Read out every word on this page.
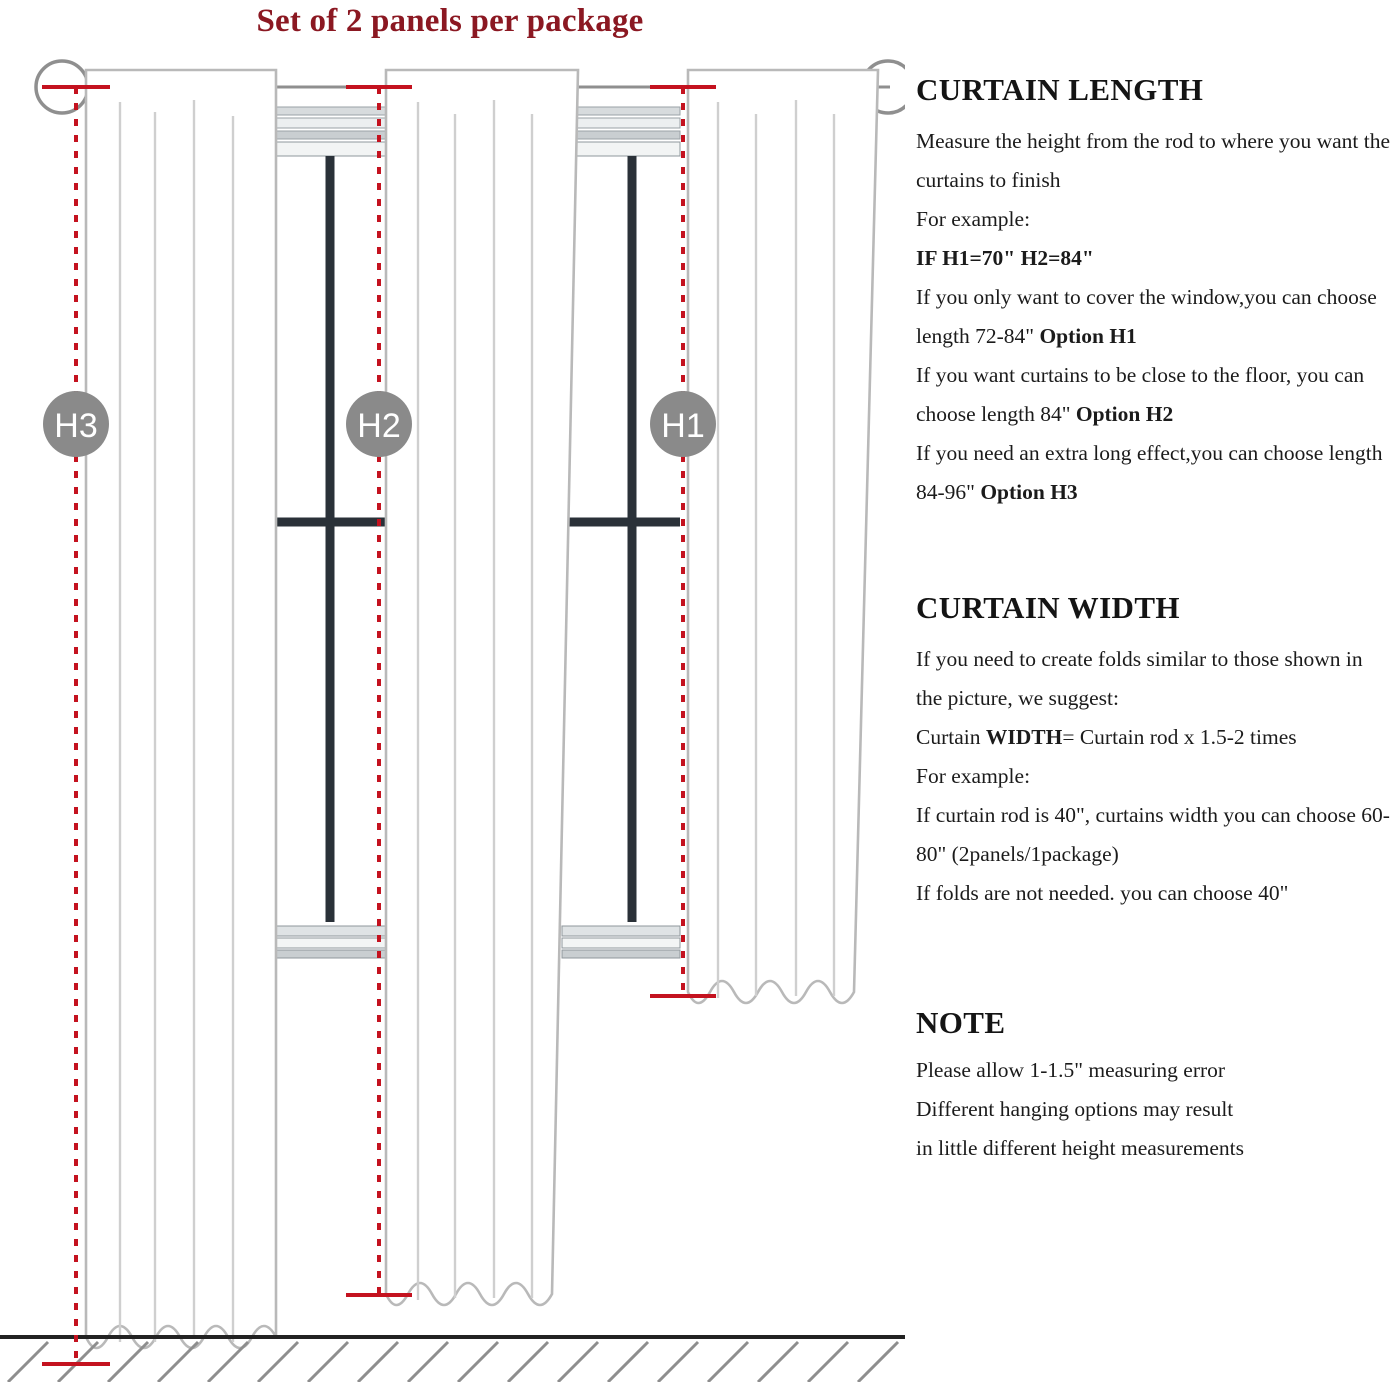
Set of 2 panels per package
H3	H2	H1
CURTAIN LENGTH
Measure the height from the rod to where you want the curtains to finish
For example:
IF H1=70" H2=84"
If you only want to cover the window,you can choose length 72-84" Option H1
If you want curtains to be close to the floor, you can choose length 84" Option H2
If you need an extra long effect,you can choose length 84-96" Option H3
CURTAIN WIDTH
If you need to create folds similar to those shown in the picture, we suggest:
Curtain WIDTH= Curtain rod x 1.5-2 times
For example:
If curtain rod is 40", curtains width you can choose 60-80" (2panels/1package)
If folds are not needed. you can choose 40"
NOTE
Please allow 1-1.5" measuring error
Different hanging options may result
in little different height measurements
